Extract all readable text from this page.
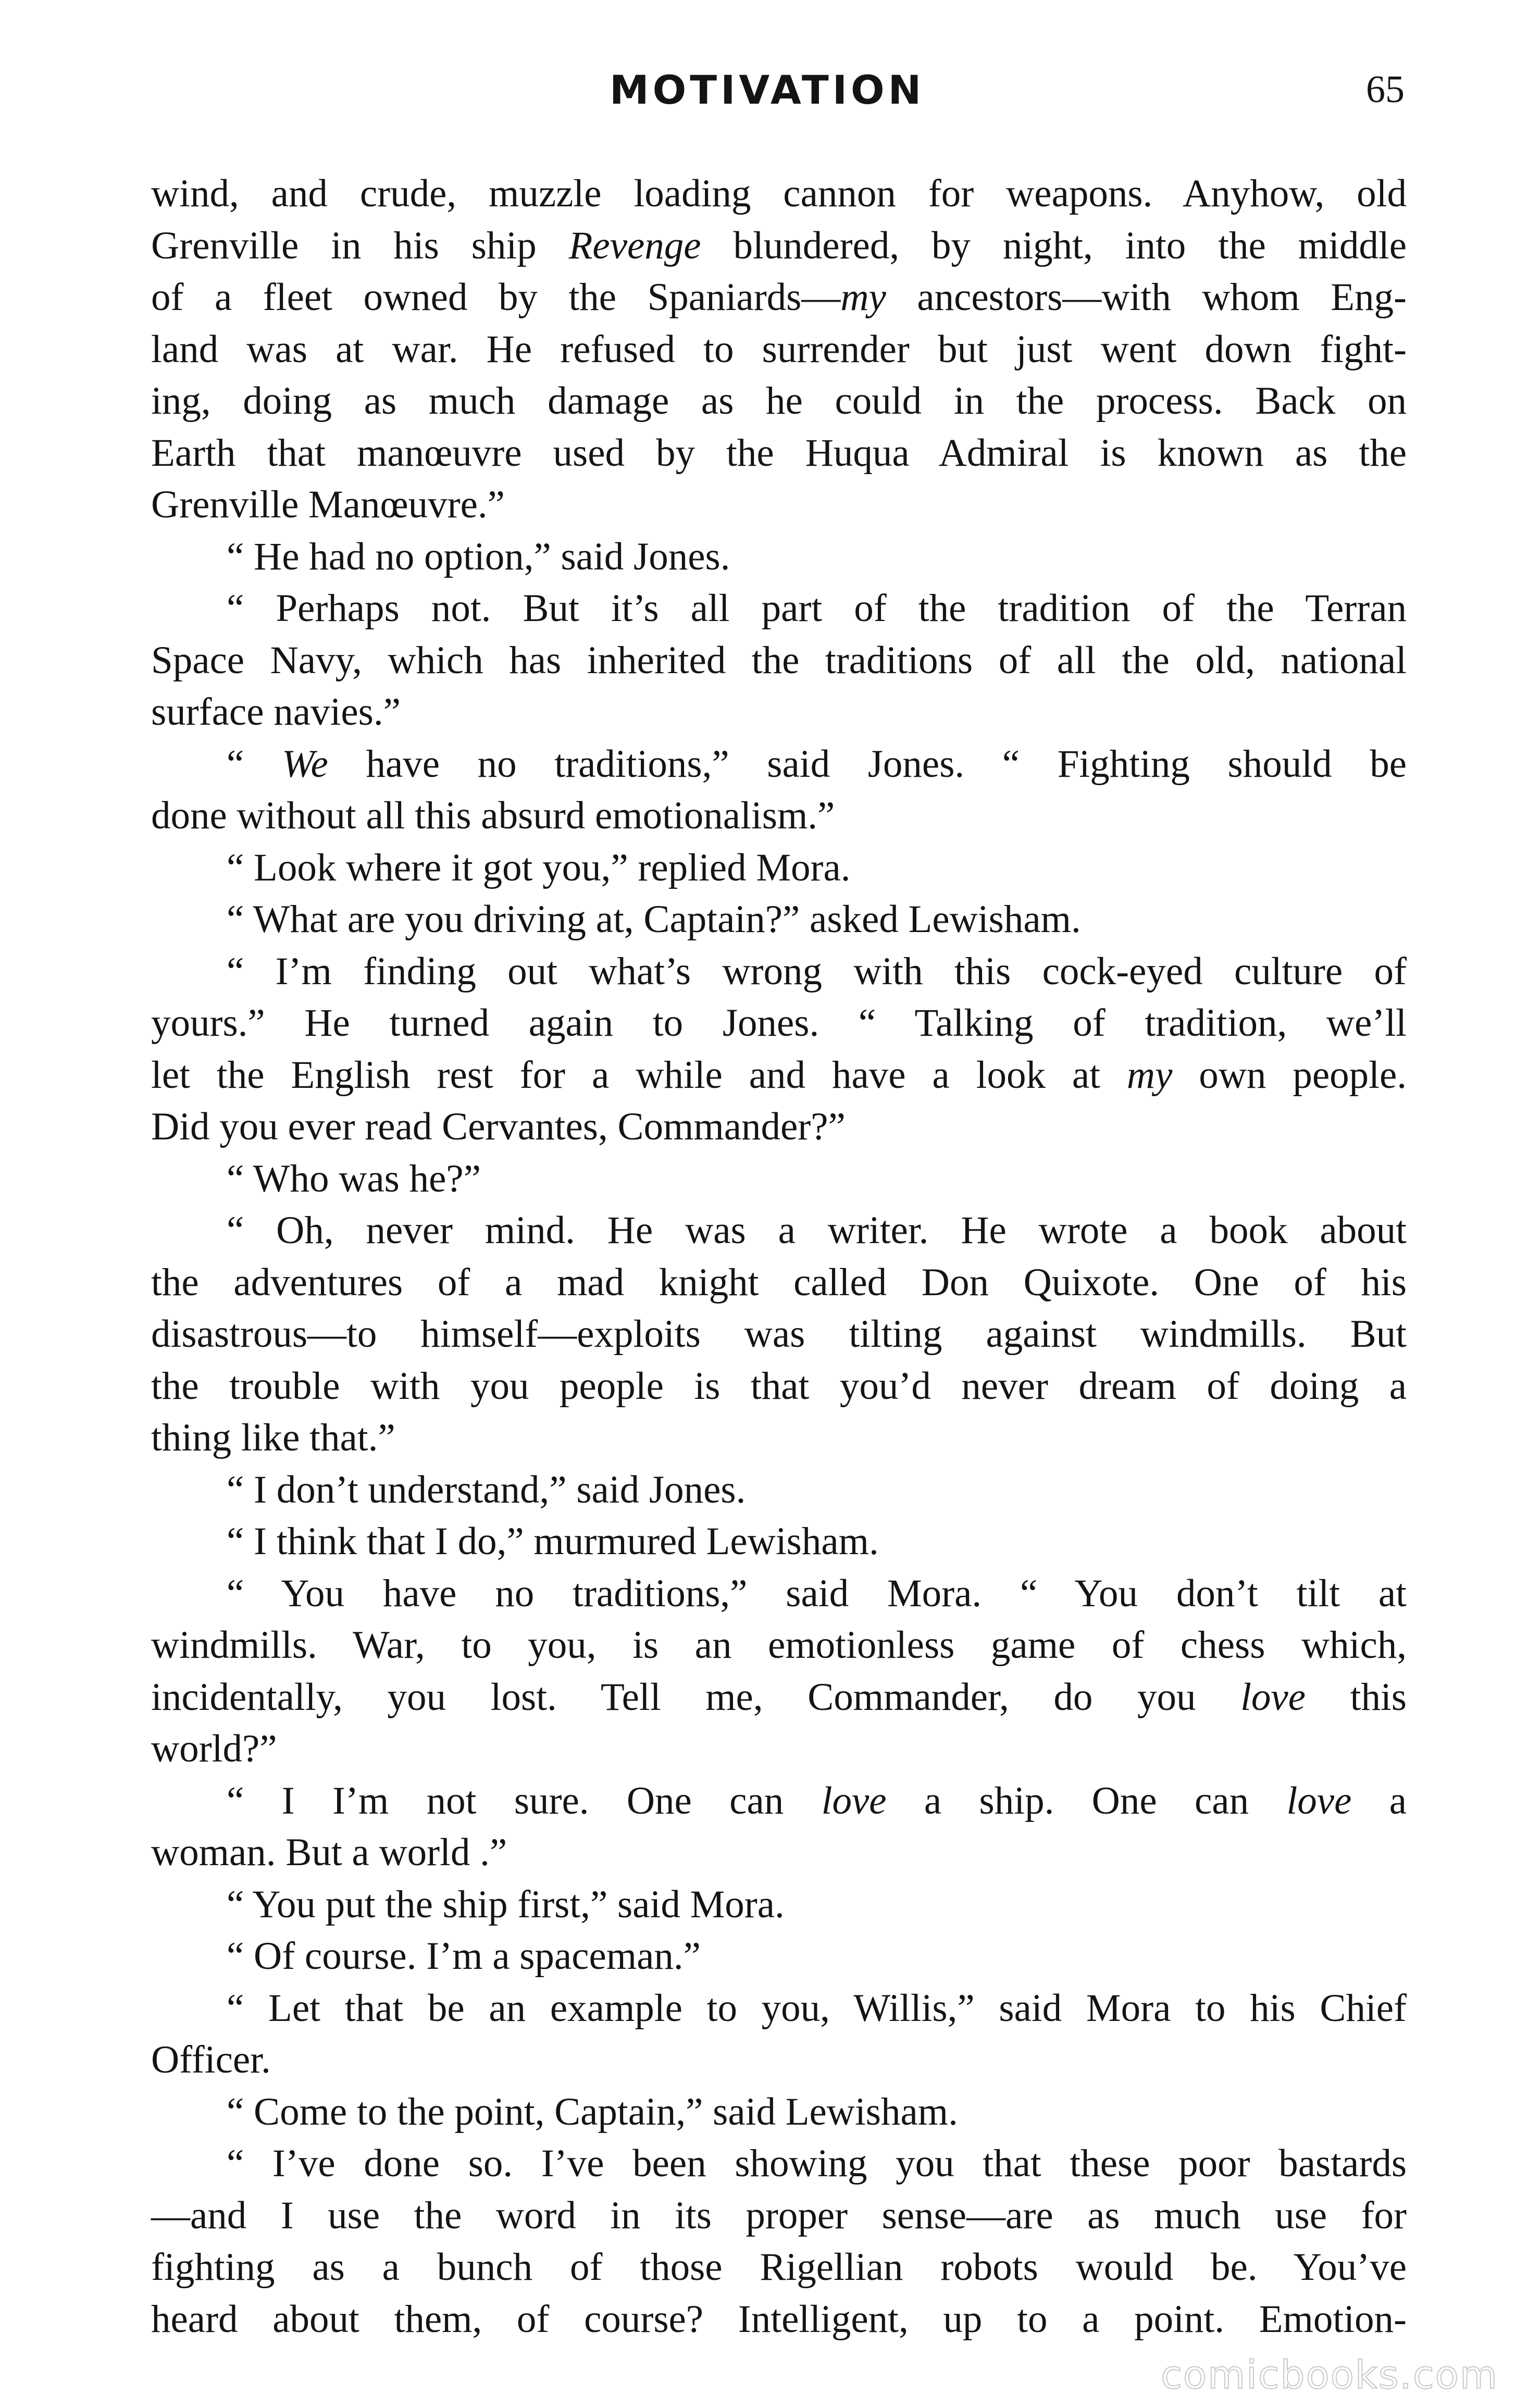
MOTIVATION	65
wind, and crude, muzzle loading cannon for weapons. Anyhow, old
Grenville in his ship Revenge blundered, by night, into the middle
of a fleet owned by the Spaniards—my ancestors—with whom Eng-
land was at war. He refused to surrender but just went down fight-
ing, doing as much damage as he could in the process. Back on
Earth that manœuvre used by the Huqua Admiral is known as the
Grenville Manœuvre.”
“ He had no option,” said Jones.
“ Perhaps not. But it’s all part of the tradition of the Terran
Space Navy, which has inherited the traditions of all the old, national
surface navies.”
“ We have no traditions,” said Jones. “ Fighting should be
done without all this absurd emotionalism.”
“ Look where it got you,” replied Mora.
“ What are you driving at, Captain?” asked Lewisham.
“ I’m finding out what’s wrong with this cock-eyed culture of
yours.” He turned again to Jones. “ Talking of tradition, we’ll
let the English rest for a while and have a look at my own people.
Did you ever read Cervantes, Commander?”
“ Who was he?”
“ Oh, never mind. He was a writer. He wrote a book about
the adventures of a mad knight called Don Quixote. One of his
disastrous—to himself—exploits was tilting against windmills. But
the trouble with you people is that you’d never dream of doing a
thing like that.”
“ I don’t understand,” said Jones.
“ I think that I do,” murmured Lewisham.
“ You have no traditions,” said Mora. “ You don’t tilt at
windmills. War, to you, is an emotionless game of chess which,
incidentally, you lost. Tell me, Commander, do you love this
world?”
“ I I’m not sure. One can love a ship. One can love a
woman. But a world .”
“ You put the ship first,” said Mora.
“ Of course. I’m a spaceman.”
“ Let that be an example to you, Willis,” said Mora to his Chief
Officer.
“ Come to the point, Captain,” said Lewisham.
“ I’ve done so. I’ve been showing you that these poor bastards
—and I use the word in its proper sense—are as much use for
fighting as a bunch of those Rigellian robots would be. You’ve
heard about them, of course? Intelligent, up to a point. Emotion-
comicbooks.com
